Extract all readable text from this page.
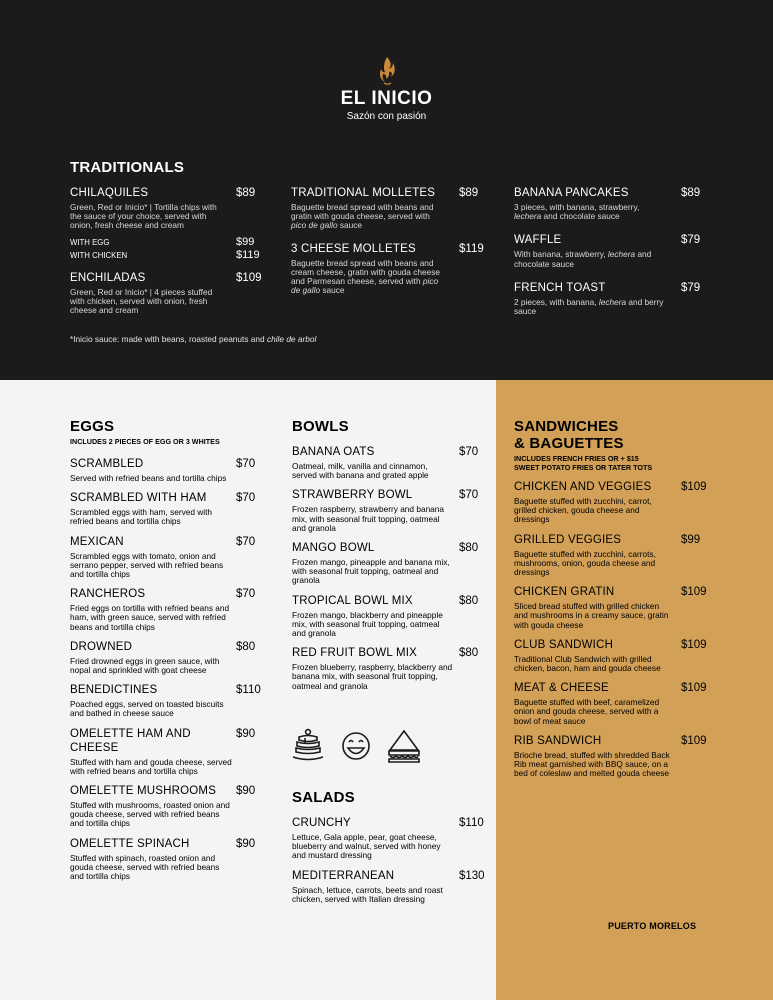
EL INICIO
Sazón con pasión
TRADITIONALS
CHILAQUILES	$89
Green, Red or Inicio* | Tortilla chips with the sauce of your choice, served with onion, fresh cheese and cream
WITH EGG	$99
WITH CHICKEN	$119
ENCHILADAS	$109
Green, Red or Inicio* | 4 pieces stuffed with chicken, served with onion, fresh cheese and cream
TRADITIONAL MOLLETES $89
Baguette bread spread with beans and gratin with gouda cheese, served with pico de gallo sauce
3 CHEESE MOLLETES	$119
Baguette bread spread with beans and cream cheese, gratin with gouda cheese and Parmesan cheese, served with pico de gallo sauce
BANANA PANCAKES	$89
3 pieces, with banana, strawberry, lechera and chocolate sauce
WAFFLE	$79
With banana, strawberry, lechera and chocolate sauce
FRENCH TOAST	$79
2 pieces, with banana, lechera and berry sauce
*Inicio sauce: made with beans, roasted peanuts and chile de arbol
EGGS
INCLUDES 2 PIECES OF EGG OR 3 WHITES
SCRAMBLED	$70
Served with refried beans and tortilla chips
SCRAMBLED WITH HAM	$70
Scrambled eggs with ham, served with refried beans and tortilla chips
MEXICAN	$70
Scrambled eggs with tomato, onion and serrano pepper, served with refried beans and tortilla chips
RANCHEROS	$70
Fried eggs on tortilla with refried beans and ham, with green sauce, served with refried beans and tortilla chips
DROWNED	$80
Fried drowned eggs in green sauce, with nopal and sprinkled with goat cheese
BENEDICTINES	$110
Poached eggs, served on toasted biscuits and bathed in cheese sauce
OMELETTE HAM AND CHEESE
$90
Stuffed with ham and gouda cheese, served with refried beans and tortilla chips
OMELETTE MUSHROOMS $90
Stuffed with mushrooms, roasted onion and gouda cheese, served with refried beans and tortilla chips
OMELETTE SPINACH	$90
Stuffed with spinach, roasted onion and gouda cheese, served with refried beans and tortilla chips
BOWLS
BANANA OATS	$70
Oatmeal, milk, vanilla and cinnamon, served with banana and grated apple
STRAWBERRY BOWL	$70
Frozen raspberry, strawberry and banana mix, with seasonal fruit topping, oatmeal and granola
MANGO BOWL	$80
Frozen mango, pineapple and banana mix, with seasonal fruit topping, oatmeal and granola
TROPICAL BOWL MIX	$80
Frozen mango, blackberry and pineapple mix, with seasonal fruit topping, oatmeal and granola
RED FRUIT BOWL MIX	$80
Frozen blueberry, raspberry, blackberry and banana mix, with seasonal fruit topping, oatmeal and granola
SALADS
CRUNCHY	$110
Lettuce, Gala apple, pear, goat cheese, blueberry and walnut, served with honey and mustard dressing
MEDITERRANEAN	$130
Spinach, lettuce, carrots, beets and roast chicken, served with Italian dressing
SANDWICHES
& BAGUETTES
INCLUDES FRENCH FRIES OR + $15
SWEET POTATO FRIES OR TATER TOTS
CHICKEN AND VEGGIES	$109
Baguette stuffed with zucchini, carrot, grilled chicken, gouda cheese and dressings
GRILLED VEGGIES	$99
Baguette stuffed with zucchini, carrots, mushrooms, onion, gouda cheese and dressings
CHICKEN GRATIN	$109
Sliced bread stuffed with grilled chicken and mushrooms in a creamy sauce, gratin with gouda cheese
CLUB SANDWICH	$109
Traditional Club Sandwich with grilled chicken, bacon, ham and gouda cheese
MEAT & CHEESE	$109
Baguette stuffed with beef, caramelized onion and gouda cheese, served with a bowl of meat sauce
RIB SANDWICH	$109
Brioche bread, stuffed with shredded Back Rib meat garnished with BBQ sauce, on a bed of coleslaw and melted gouda cheese
PUERTO MORELOS
